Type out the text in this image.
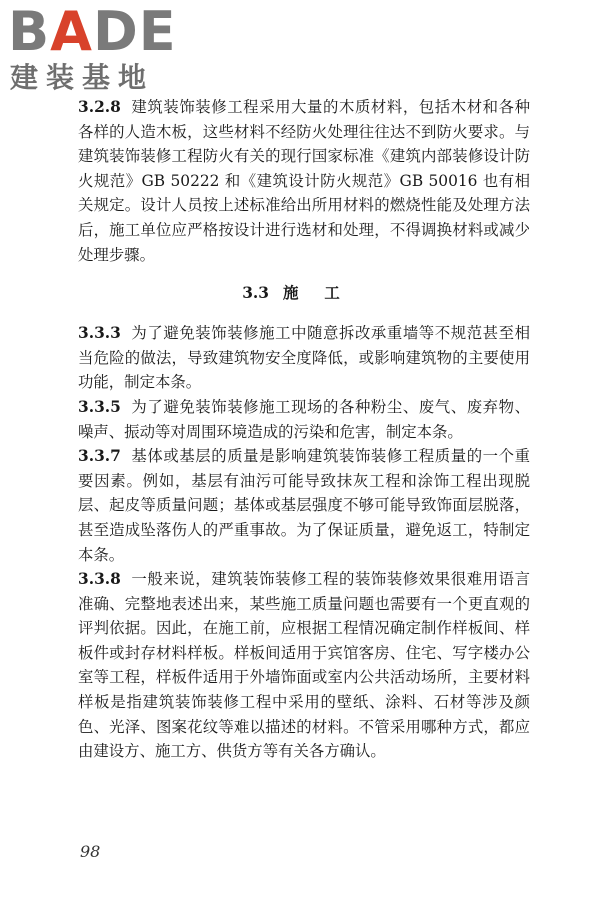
BADE
建装基地

3.2.8 建筑装饰装修工程采用大量的木质材料，包括木材和各种各样的人造木板，这些材料不经防火处理往往达不到防火要求。与建筑装饰装修工程防火有关的现行国家标准《建筑内部装修设计防火规范》GB 50222 和《建筑设计防火规范》GB 50016 也有相关规定。设计人员按上述标准给出所用材料的燃烧性能及处理方法后，施工单位应严格按设计进行选材和处理，不得调换材料或减少处理步骤。

3.3 施工

3.3.3 为了避免装饰装修施工中随意拆改承重墙等不规范甚至相当危险的做法，导致建筑物安全度降低，或影响建筑物的主要使用功能，制定本条。

3.3.5 为了避免装饰装修施工现场的各种粉尘、废气、废弃物、噪声、振动等对周围环境造成的污染和危害，制定本条。

3.3.7 基体或基层的质量是影响建筑装饰装修工程质量的一个重要因素。例如，基层有油污可能导致抹灰工程和涂饰工程出现脱层、起皮等质量问题；基体或基层强度不够可能导致饰面层脱落，甚至造成坠落伤人的严重事故。为了保证质量，避免返工，特制定本条。

3.3.8 一般来说，建筑装饰装修工程的装饰装修效果很难用语言准确、完整地表述出来，某些施工质量问题也需要有一个更直观的评判依据。因此，在施工前，应根据工程情况确定制作样板间、样板件或封存材料样板。样板间适用于宾馆客房、住宅、写字楼办公室等工程，样板件适用于外墙饰面或室内公共活动场所，主要材料样板是指建筑装饰装修工程中采用的壁纸、涂料、石材等涉及颜色、光泽、图案花纹等难以描述的材料。不管采用哪种方式，都应由建设方、施工方、供货方等有关各方确认。

98
